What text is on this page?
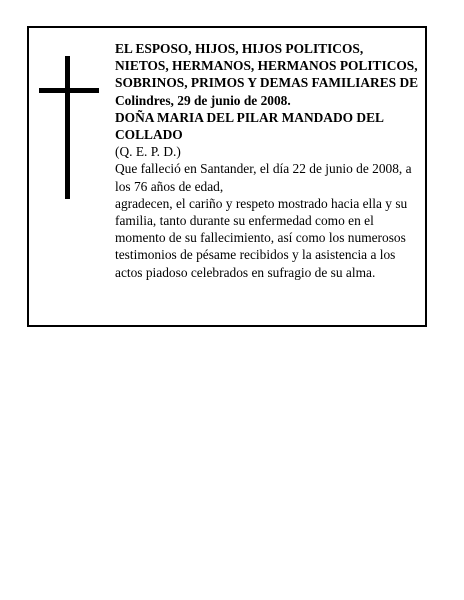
EL ESPOSO, HIJOS, HIJOS POLITICOS, NIETOS, HERMANOS, HERMANOS POLITICOS, SOBRINOS, PRIMOS Y DEMAS FAMILIARES DE Colindres, 29 de junio de 2008.

DOÑA MARIA DEL PILAR MANDADO DEL COLLADO

(Q. E. P. D.)

Que falleció en Santander, el día 22 de junio de 2008, a los 76 años de edad,

agradecen, el cariño y respeto mostrado hacia ella y su familia, tanto durante su enfermedad como en el momento de su fallecimiento, así como los numerosos testimonios de pésame recibidos y la asistencia a los actos piadoso celebrados en sufragio de su alma.
